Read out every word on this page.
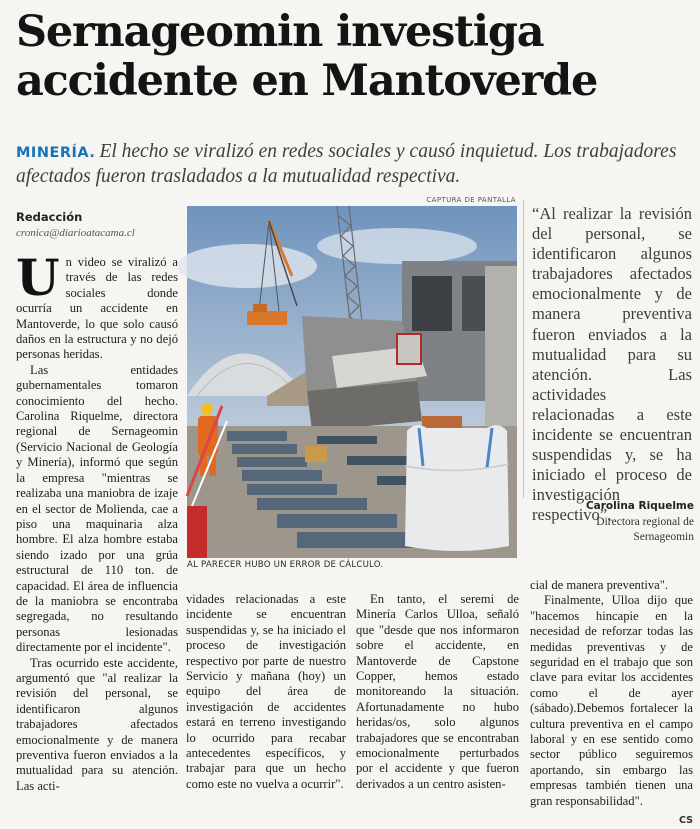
Sernageomin investiga accidente en Mantoverde
MINERÍA. El hecho se viralizó en redes sociales y causó inquietud. Los trabajadores afectados fueron trasladados a la mutualidad respectiva.
Redacción
cronica@diarioatacama.cl

Un video se viralizó a través de las redes sociales donde ocurría un accidente en Mantoverde, lo que solo causó daños en la estructura y no dejó personas heridas.

Las entidades gubernamentales tomaron conocimiento del hecho. Carolina Riquelme, directora regional de Sernageomin (Servicio Nacional de Geología y Minería), informó que según la empresa "mientras se realizaba una maniobra de izaje en el sector de Molienda, cae a piso una maquinaria alza hombre. El alza hombre estaba siendo izado por una grúa estructural de 110 ton. de capacidad. El área de influencia de la maniobra se encontraba segregada, no resultando personas lesionadas directamente por el incidente".

Tras ocurrido este accidente, argumentó que "al realizar la revisión del personal, se identificaron algunos trabajadores afectados emocionalmente y de manera preventiva fueron enviados a la mutualidad para su atención. Las acti-

CAPTURA DE PANTALLA
AL PARECER HUBO UN ERROR DE CÁLCULO.
“Al realizar la revisión del personal, se identificaron algunos trabajadores afectados emocionalmente y de manera preventiva fueron enviados a la mutualidad para su atención. Las actividades relacionadas a este incidente se encuentran suspendidas y, se ha iniciado el proceso de investigación respectivo”.
Carolina Riquelme
Directora regional de Sernageomin

vidades relacionadas a este incidente se encuentran suspendidas y, se ha iniciado el proceso de investigación respectivo por parte de nuestro Servicio y mañana (hoy) un equipo del área de investigación de accidentes estará en terreno investigando lo ocurrido para recabar antecedentes específicos, y trabajar para que un hecho como este no vuelva a ocurrir".

En tanto, el seremi de Minería Carlos Ulloa, señaló que "desde que nos informaron sobre el accidente, en Mantoverde de Capstone Copper, hemos estado monitoreando la situación. Afortunadamente no hubo heridas/os, solo algunos trabajadores que se encontraban emocionalmente perturbados por el accidente y que fueron derivados a un centro asisten-

cial de manera preventiva".

Finalmente, Ulloa dijo que "hacemos hincapie en la necesidad de reforzar todas las medidas preventivas y de seguridad en el trabajo que son clave para evitar los accidentes como el de ayer (sábado).Debemos fortalecer la cultura preventiva en el campo laboral y en ese sentido como sector público seguiremos aportando, sin embargo las empresas también tienen una gran responsabilidad".

CS
